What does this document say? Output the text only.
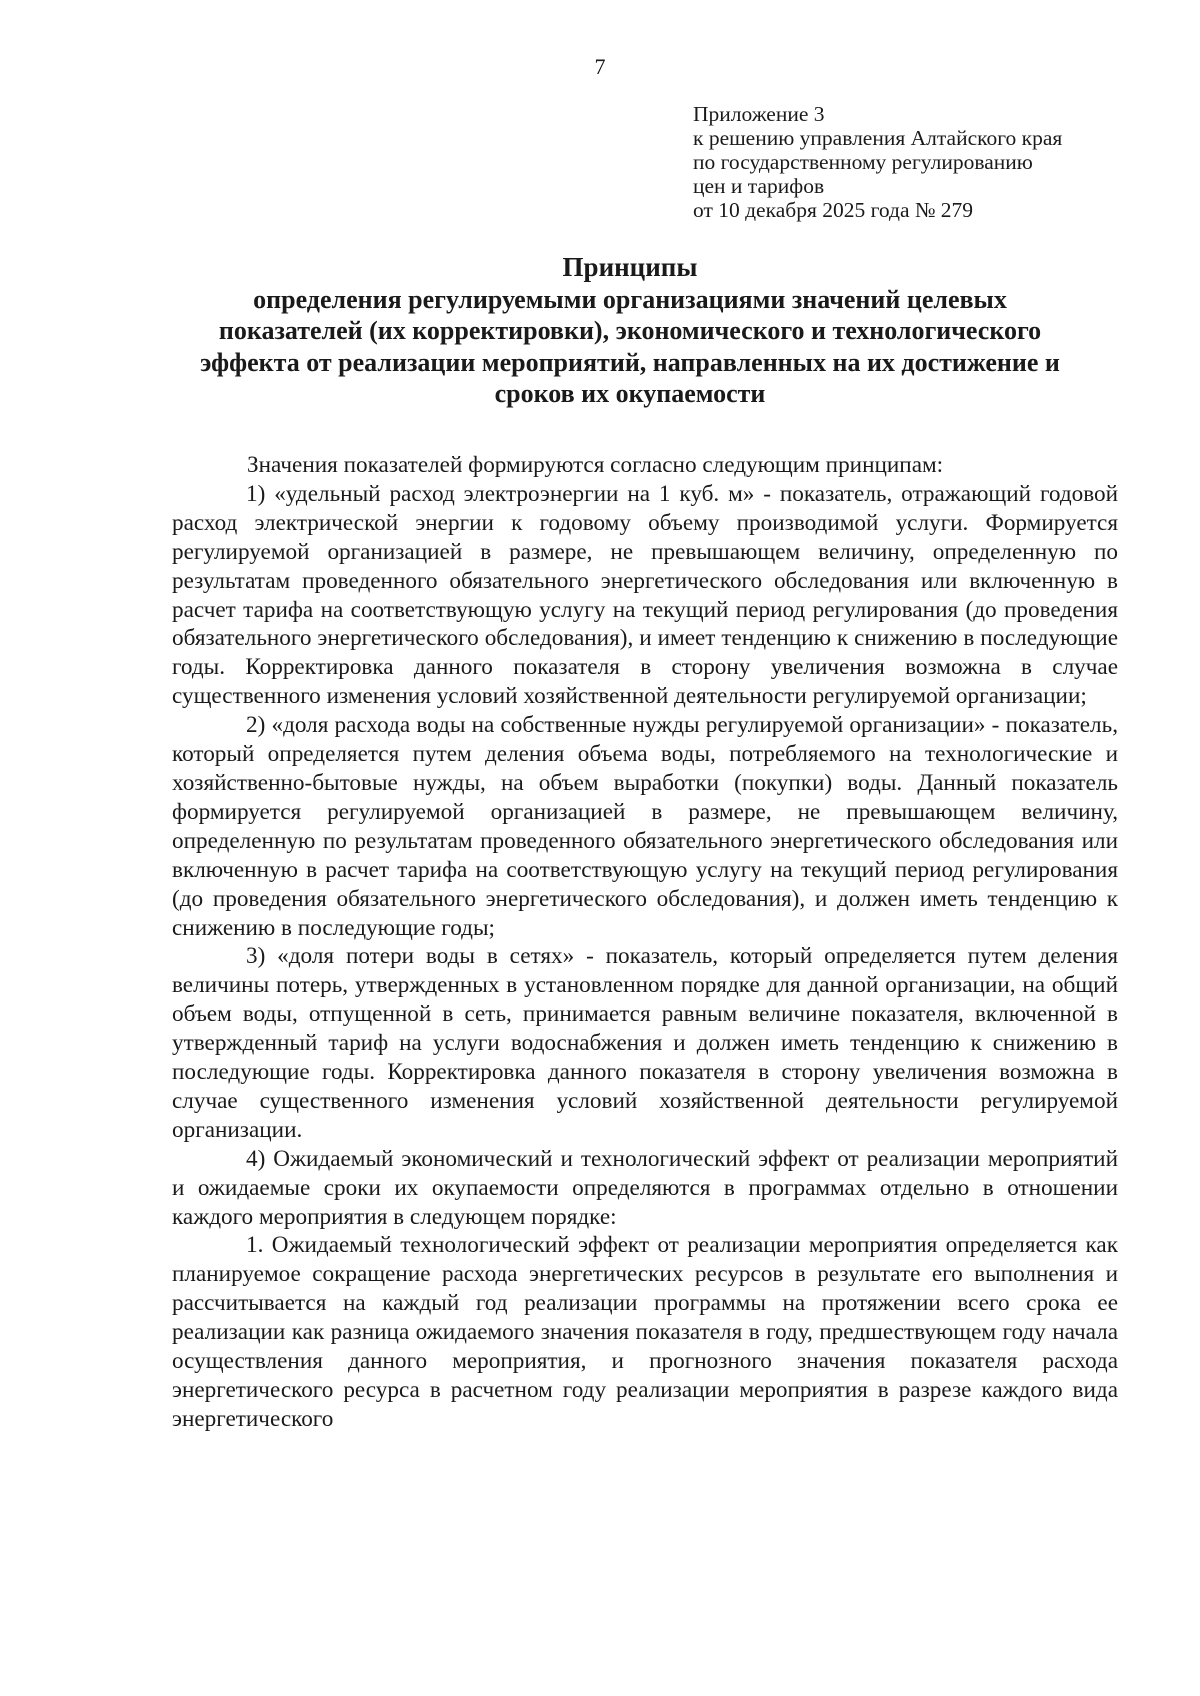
7
Приложение 3
к решению управления Алтайского края
по государственному регулированию
цен и тарифов
от 10 декабря 2025 года № 279
Принципы
определения регулируемыми организациями значений целевых
показателей (их корректировки), экономического и технологического
эффекта от реализации мероприятий, направленных на их достижение и
сроков их окупаемости

Значения показателей формируются согласно следующим принципам:

1) «удельный расход электроэнергии на 1 куб. м» - показатель, отражающий годовой расход электрической энергии к годовому объему производимой услуги. Формируется регулируемой организацией в размере, не превышающем величину, определенную по результатам проведенного обязательного энергетического обследования или включенную в расчет тарифа на соответствующую услугу на текущий период регулирования (до проведения обязательного энергетического обследования), и имеет тенденцию к снижению в последующие годы. Корректировка данного показателя в сторону увеличения возможна в случае существенного изменения условий хозяйственной деятельности регулируемой организации;

2) «доля расхода воды на собственные нужды регулируемой организации» - показатель, который определяется путем деления объема воды, потребляемого на технологические и хозяйственно-бытовые нужды, на объем выработки (покупки) воды. Данный показатель формируется регулируемой организацией в размере, не превышающем величину, определенную по результатам проведенного обязательного энергетического обследования или включенную в расчет тарифа на соответствующую услугу на текущий период регулирования (до проведения обязательного энергетического обследования), и должен иметь тенденцию к снижению в последующие годы;

3) «доля потери воды в сетях» - показатель, который определяется путем деления величины потерь, утвержденных в установленном порядке для данной организации, на общий объем воды, отпущенной в сеть, принимается равным величине показателя, включенной в утвержденный тариф на услуги водоснабжения и должен иметь тенденцию к снижению в последующие годы. Корректировка данного показателя в сторону увеличения возможна в случае существенного изменения условий хозяйственной деятельности регулируемой организации.

4) Ожидаемый экономический и технологический эффект от реализации мероприятий и ожидаемые сроки их окупаемости определяются в программах отдельно в отношении каждого мероприятия в следующем порядке:

1. Ожидаемый технологический эффект от реализации мероприятия определяется как планируемое сокращение расхода энергетических ресурсов в результате его выполнения и рассчитывается на каждый год реализации программы на протяжении всего срока ее реализации как разница ожидаемого значения показателя в году, предшествующем году начала осуществления данного мероприятия, и прогнозного значения показателя расхода энергетического ресурса в расчетном году реализации мероприятия в разрезе каждого вида энергетического
